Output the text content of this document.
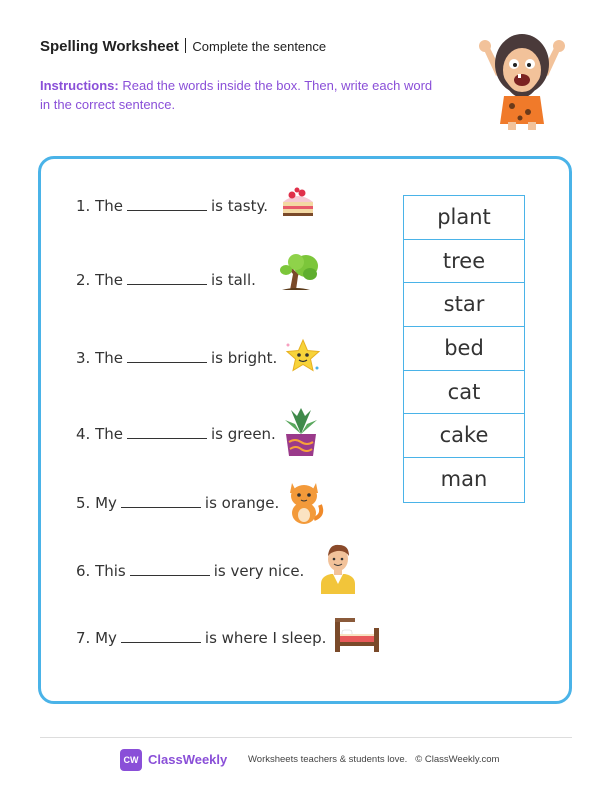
Spelling Worksheet Complete the sentence
Instructions: Read the words inside the box. Then, write each word in the correct sentence.
1. The	is tasty.
2. The	is tall.
3. The	is bright.
4. The	is green.
5. My	is orange.
6. This	is very nice.
7. My	is where I sleep.
plant
tree
star
bed
cat
cake
man
CW ClassWeekly Worksheets teachers & students love. © ClassWeekly.com
